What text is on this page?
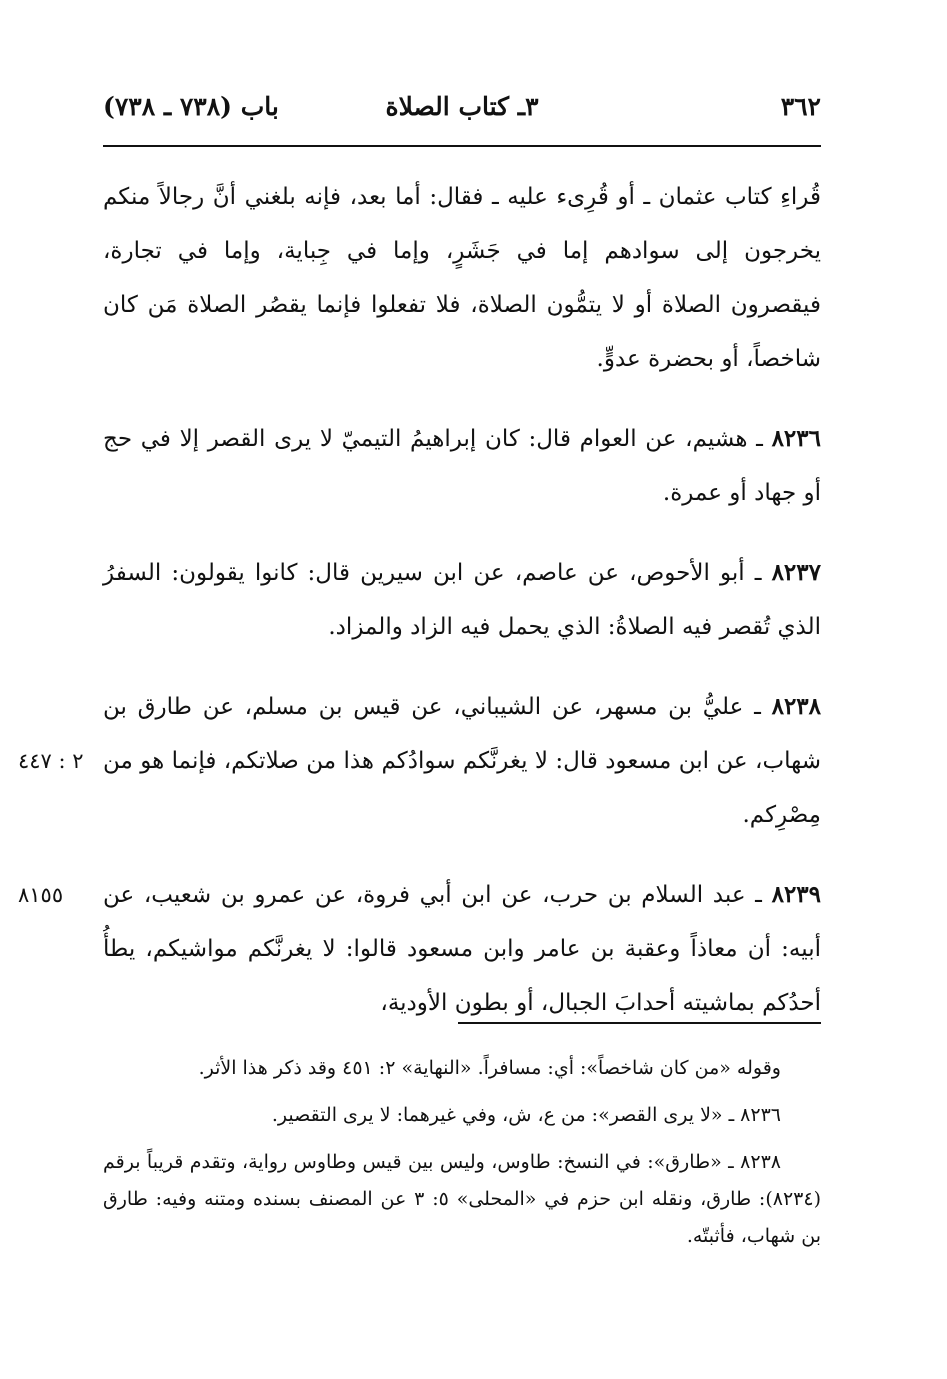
٣٦٢
٣ـ كتاب الصلاة
باب (٧٣٨ ـ ٧٣٨)

قُراءِ كتاب عثمان ـ أو قُرِىء عليه ـ فقال: أما بعد، فإنه بلغني أنَّ رجالاً منكم يخرجون إلى سوادهم إما في جَشَرٍ، وإما في جِباية، وإما في تجارة، فيقصرون الصلاة أو لا يتمُّون الصلاة، فلا تفعلوا فإنما يقصُر الصلاة مَن كان شاخصاً، أو بحضرة عدوٍّ.

٨٢٣٦ ـ هشيم، عن العوام قال: كان إبراهيمُ التيميّ لا يرى القصر إلا في حج أو جهاد أو عمرة.

٨٢٣٧ ـ أبو الأحوص، عن عاصم، عن ابن سيرين قال: كانوا يقولون: السفرُ الذي تُقصر فيه الصلاةُ: الذي يحمل فيه الزاد والمزاد.

٢ : ٤٤٧
٨٢٣٨ ـ عليُّ بن مسهر، عن الشيباني، عن قيس بن مسلم، عن طارق بن شهاب، عن ابن مسعود قال: لا يغرنَّكم سوادُكم هذا من صلاتكم، فإنما هو من مِصْرِكم.

٨١٥٥	٨٢٣٩ ـ عبد السلام بن حرب، عن ابن أبي فروة، عن عمرو بن شعيب، عن أبيه: أن معاذاً وعقبة بن عامر وابن مسعود قالوا: لا يغرنَّكم مواشيكم، يطأُ أحدُكم بماشيته أحدابَ الجبال، أو بطون الأودية،

وقوله «من كان شاخصاً»: أي: مسافراً. «النهاية» ٢: ٤٥١ وقد ذكر هذا الأثر.

٨٢٣٦ ـ «لا يرى القصر»: من ع، ش، وفي غيرهما: لا يرى التقصير.

٨٢٣٨ ـ «طارق»: في النسخ: طاوس، وليس بين قيس وطاوس رواية، وتقدم قريباً برقم (٨٢٣٤): طارق، ونقله ابن حزم في «المحلى» ٥: ٣ عن المصنف بسنده ومتنه وفيه: طارق بن شهاب، فأثبتّه.
